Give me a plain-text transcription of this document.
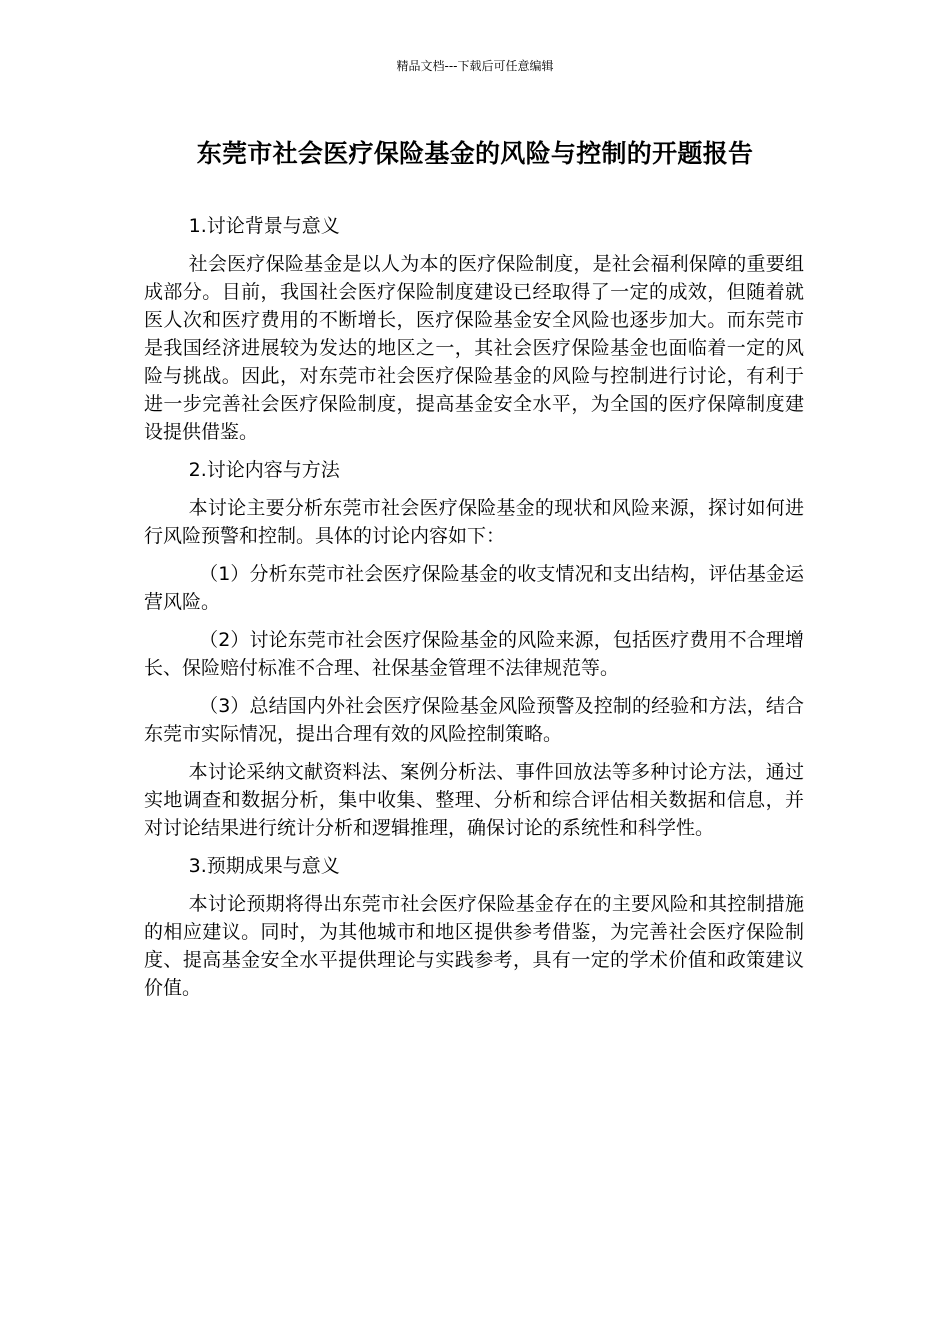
精品文档---下载后可任意编辑
东莞市社会医疗保险基金的风险与控制的开题报告
1.讨论背景与意义

社会医疗保险基金是以人为本的医疗保险制度，是社会福利保障的重要组成部分。目前，我国社会医疗保险制度建设已经取得了一定的成效，但随着就医人次和医疗费用的不断增长，医疗保险基金安全风险也逐步加大。而东莞市是我国经济进展较为发达的地区之一，其社会医疗保险基金也面临着一定的风险与挑战。因此，对东莞市社会医疗保险基金的风险与控制进行讨论，有利于进一步完善社会医疗保险制度，提高基金安全水平，为全国的医疗保障制度建设提供借鉴。

2.讨论内容与方法

本讨论主要分析东莞市社会医疗保险基金的现状和风险来源，探讨如何进行风险预警和控制。具体的讨论内容如下：

（1）分析东莞市社会医疗保险基金的收支情况和支出结构，评估基金运营风险。

（2）讨论东莞市社会医疗保险基金的风险来源，包括医疗费用不合理增长、保险赔付标准不合理、社保基金管理不法律规范等。

（3）总结国内外社会医疗保险基金风险预警及控制的经验和方法，结合东莞市实际情况，提出合理有效的风险控制策略。

本讨论采纳文献资料法、案例分析法、事件回放法等多种讨论方法，通过实地调查和数据分析，集中收集、整理、分析和综合评估相关数据和信息，并对讨论结果进行统计分析和逻辑推理，确保讨论的系统性和科学性。

3.预期成果与意义

本讨论预期将得出东莞市社会医疗保险基金存在的主要风险和其控制措施的相应建议。同时，为其他城市和地区提供参考借鉴，为完善社会医疗保险制度、提高基金安全水平提供理论与实践参考，具有一定的学术价值和政策建议价值。
